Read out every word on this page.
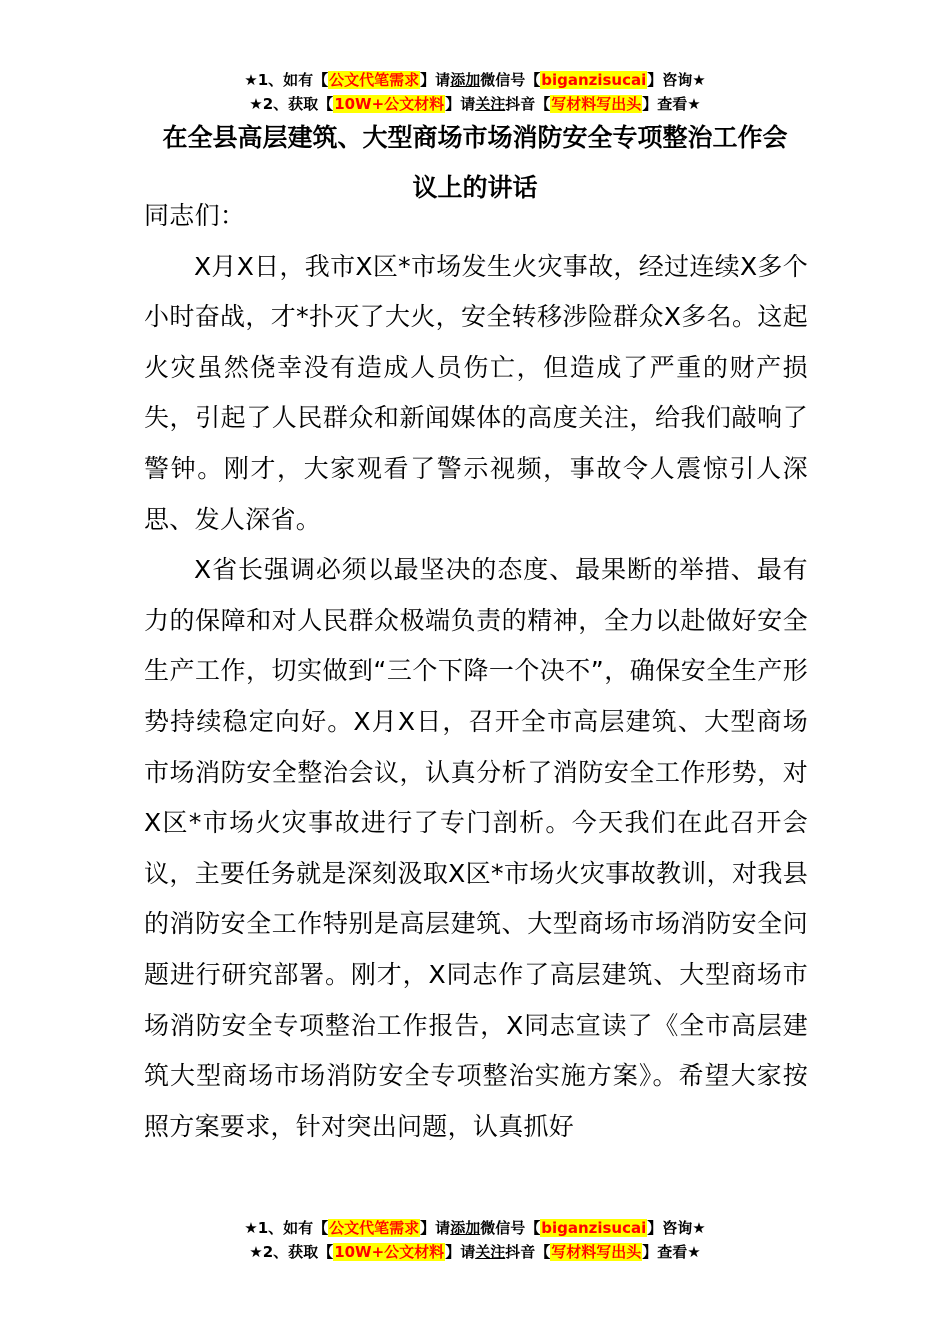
★1、如有【公文代笔需求】请添加微信号【biganzisucai】咨询★
★2、获取【10W+公文材料】请关注抖音【写材料写出头】查看★
在全县高层建筑、大型商场市场消防安全专项整治工作会
议上的讲话

同志们：

X月X日，我市X区*市场发生火灾事故，经过连续X多个小时奋战，才*扑灭了大火，安全转移涉险群众X多名。这起火灾虽然侥幸没有造成人员伤亡，但造成了严重的财产损失，引起了人民群众和新闻媒体的高度关注，给我们敲响了警钟。刚才，大家观看了警示视频，事故令人震惊引人深思、发人深省。

X省长强调必须以最坚决的态度、最果断的举措、最有力的保障和对人民群众极端负责的精神，全力以赴做好安全生产工作，切实做到“三个下降一个决不”，确保安全生产形势持续稳定向好。X月X日，召开全市高层建筑、大型商场市场消防安全整治会议，认真分析了消防安全工作形势，对X区*市场火灾事故进行了专门剖析。今天我们在此召开会议，主要任务就是深刻汲取X区*市场火灾事故教训，对我县的消防安全工作特别是高层建筑、大型商场市场消防安全问题进行研究部署。刚才，X同志作了高层建筑、大型商场市场消防安全专项整治工作报告，X同志宣读了《全市高层建筑大型商场市场消防安全专项整治实施方案》。希望大家按照方案要求，针对突出问题，认真抓好

★1、如有【公文代笔需求】请添加微信号【biganzisucai】咨询★
★2、获取【10W+公文材料】请关注抖音【写材料写出头】查看★
